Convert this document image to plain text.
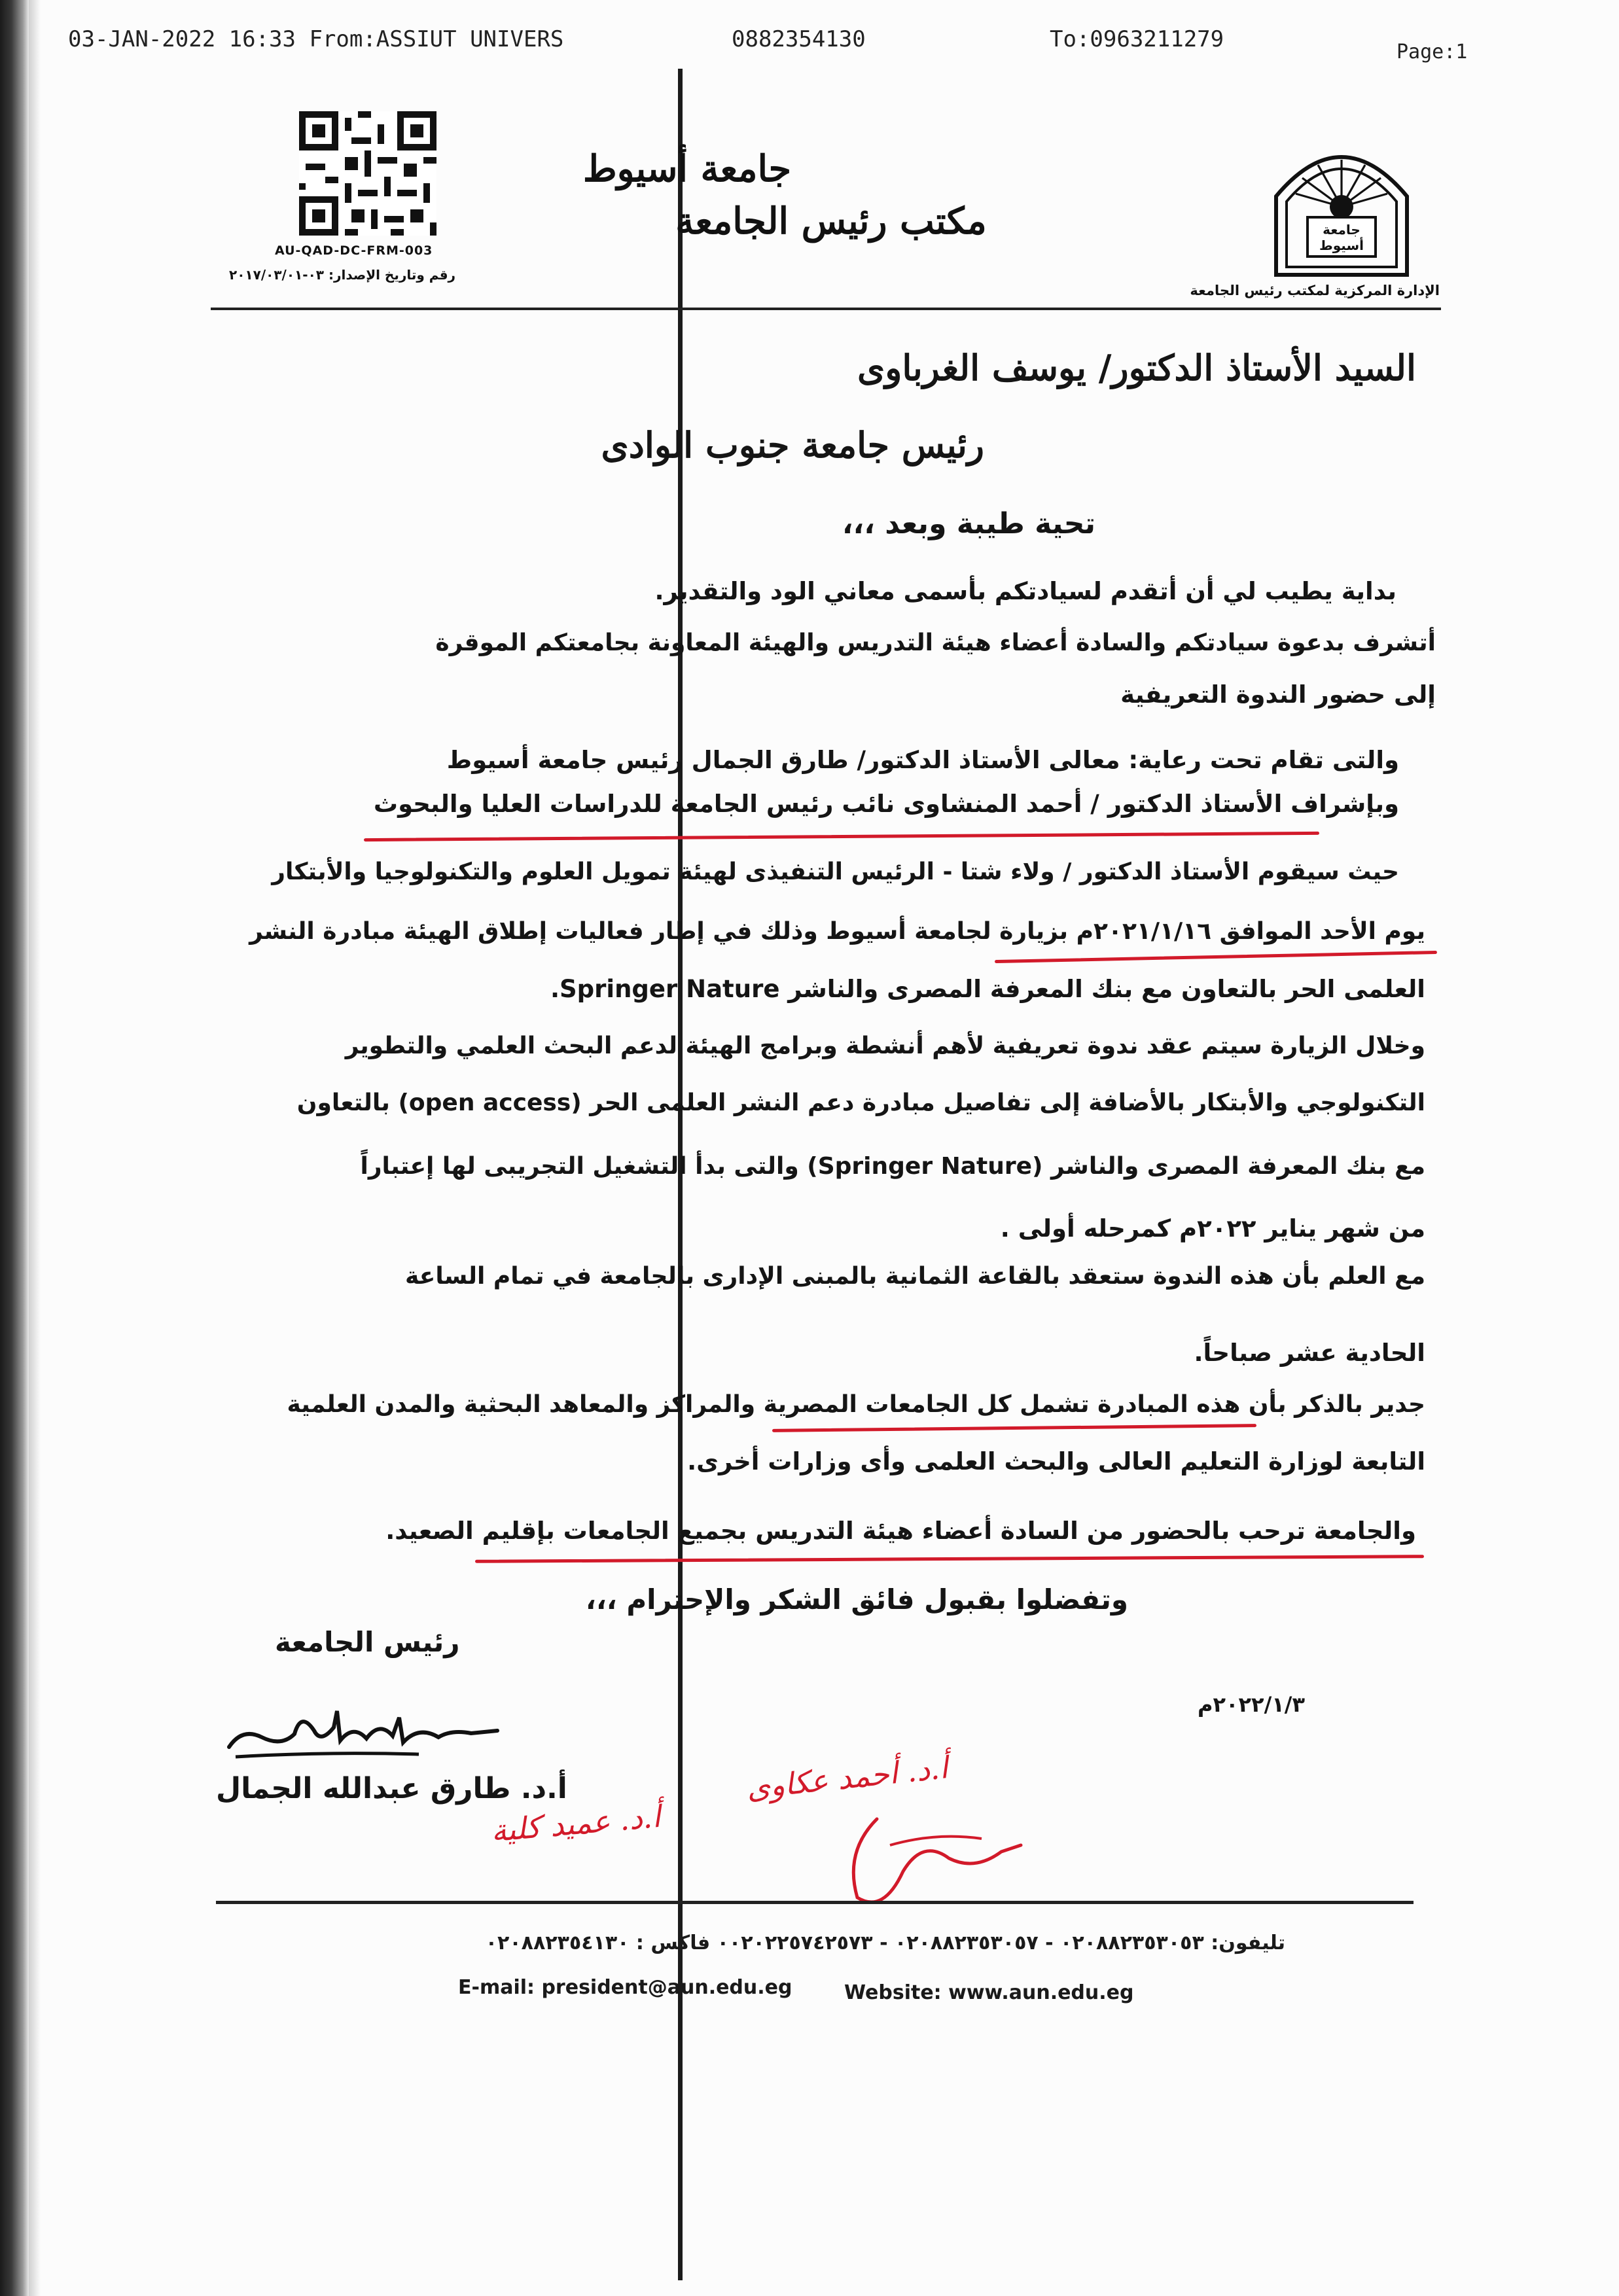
03-JAN-2022 16:33 From:ASSIUT UNIVERS	0882354130	To:0963211279	Page:1
AU-QAD-DC-FRM-003
رقم وتاريخ الإصدار: ٠٣-٢٠١٧/٠٣/٠١
جامعة
أسيوط
الإدارة المركزية لمكتب رئيس الجامعة
جامعة أسيوط
مكتب رئيس الجامعة
السيد الأستاذ الدكتور/ يوسف الغرباوى
رئيس جامعة جنوب الوادى
تحية طيبة وبعد ،،،
بداية يطيب لي أن أتقدم لسيادتكم بأسمى معاني الود والتقدير.
أتشرف بدعوة سيادتكم والسادة أعضاء هيئة التدريس والهيئة المعاونة بجامعتكم الموقرة
إلى حضور الندوة التعريفية
والتى تقام تحت رعاية: معالى الأستاذ الدكتور/ طارق الجمال رئيس جامعة أسيوط
وبإشراف الأستاذ الدكتور / أحمد المنشاوى نائب رئيس الجامعة للدراسات العليا والبحوث
حيث سيقوم الأستاذ الدكتور / ولاء شتا - الرئيس التنفيذى لهيئة تمويل العلوم والتكنولوجيا والأبتكار
يوم الأحد الموافق ٢٠٢١/١/١٦م بزيارة لجامعة أسيوط وذلك في إطار فعاليات إطلاق الهيئة مبادرة النشر
العلمى الحر بالتعاون مع بنك المعرفة المصرى والناشر Springer Nature.
وخلال الزيارة سيتم عقد ندوة تعريفية لأهم أنشطة وبرامج الهيئة لدعم البحث العلمي والتطوير
التكنولوجي والأبتكار بالأضافة إلى تفاصيل مبادرة دعم النشر العلمى الحر (open access) بالتعاون
مع بنك المعرفة المصرى والناشر (Springer Nature) والتى بدأ التشغيل التجريبى لها إعتباراً
من شهر يناير ٢٠٢٢م كمرحله أولى .
مع العلم بأن هذه الندوة ستعقد بالقاعة الثمانية بالمبنى الإدارى بالجامعة في تمام الساعة
الحادية عشر صباحاً.
جدير بالذكر بأن هذه المبادرة تشمل كل الجامعات المصرية والمراكز والمعاهد البحثية والمدن العلمية
التابعة لوزارة التعليم العالى والبحث العلمى وأى وزارات أخرى.
والجامعة ترحب بالحضور من السادة أعضاء هيئة التدريس بجميع الجامعات بإقليم الصعيد.
وتفضلوا بقبول فائق الشكر والإحترام ،،،
رئيس الجامعة
أ.د. طارق عبدالله الجمال
٢٠٢٢/١/٣م
أ.د. أحمد عكاوى
أ.د. عميد كلية
تليفون: ٠٢٠٨٨٢٣٥٣٠٥٣ - ٠٢٠٨٨٢٣٥٣٠٥٧ - ٠٠٢٠٢٢٥٧٤٢٥٧٣ فاكس : ٠٢٠٨٨٢٣٥٤١٣٠
E-mail: president@aun.edu.eg	Website: www.aun.edu.eg
